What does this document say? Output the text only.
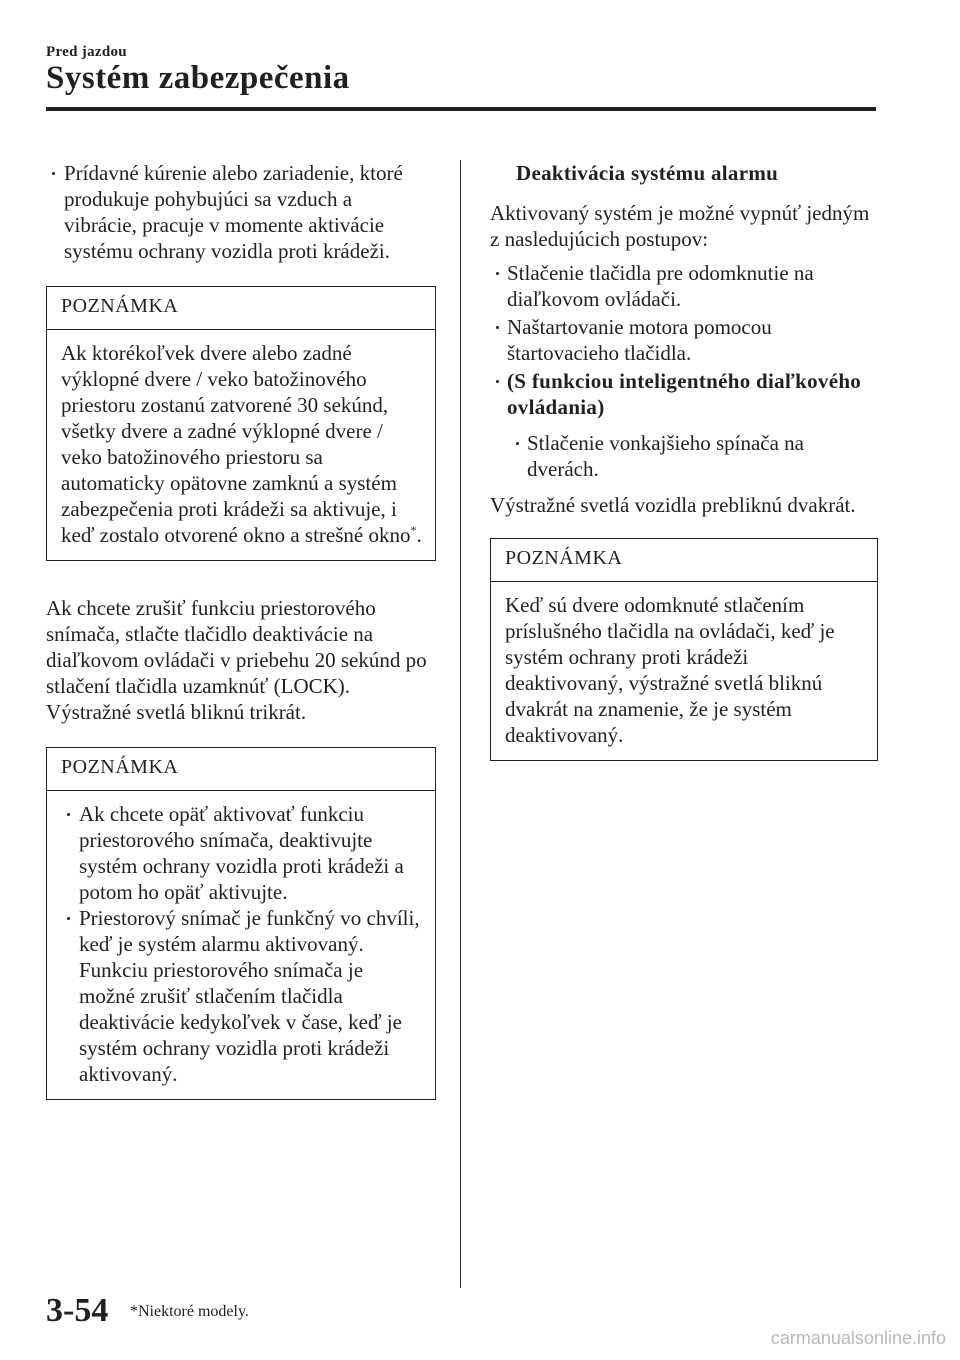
Pred jazdou
Systém zabezpečenia
Prídavné kúrenie alebo zariadenie, ktoré produkuje pohybujúci sa vzduch a vibrácie, pracuje v momente aktivácie systému ochrany vozidla proti krádeži.
POZNÁMKA
Ak ktorékoľvek dvere alebo zadné výklopné dvere / veko batožinového priestoru zostanú zatvorené 30 sekúnd, všetky dvere a zadné výklopné dvere / veko batožinového priestoru sa automaticky opätovne zamknú a systém zabezpečenia proti krádeži sa aktivuje, i keď zostalo otvorené okno a strešné okno*.

Ak chcete zrušiť funkciu priestorového snímača, stlačte tlačidlo deaktivácie na diaľkovom ovládači v priebehu 20 sekúnd po stlačení tlačidla uzamknúť (LOCK). Výstražné svetlá bliknú trikrát.

POZNÁMKA
Ak chcete opäť aktivovať funkciu priestorového snímača, deaktivujte systém ochrany vozidla proti krádeži a potom ho opäť aktivujte.
Priestorový snímač je funkčný vo chvíli, keď je systém alarmu aktivovaný. Funkciu priestorového snímača je možné zrušiť stlačením tlačidla deaktivácie kedykoľvek v čase, keď je systém ochrany vozidla proti krádeži aktivovaný.

Deaktivácia systému alarmu

Aktivovaný systém je možné vypnúť jedným z nasledujúcich postupov:

Stlačenie tlačidla pre odomknutie na diaľkovom ovládači.
Naštartovanie motora pomocou štartovacieho tlačidla.
(S funkciou inteligentného diaľkového ovládania)
Stlačenie vonkajšieho spínača na dverách.

Výstražné svetlá vozidla prebliknú dvakrát.

POZNÁMKA
Keď sú dvere odomknuté stlačením príslušného tlačidla na ovládači, keď je systém ochrany proti krádeži deaktivovaný, výstražné svetlá bliknú dvakrát na znamenie, že je systém deaktivovaný.
3-54 *Niektoré modely.
carmanualsonline.info
